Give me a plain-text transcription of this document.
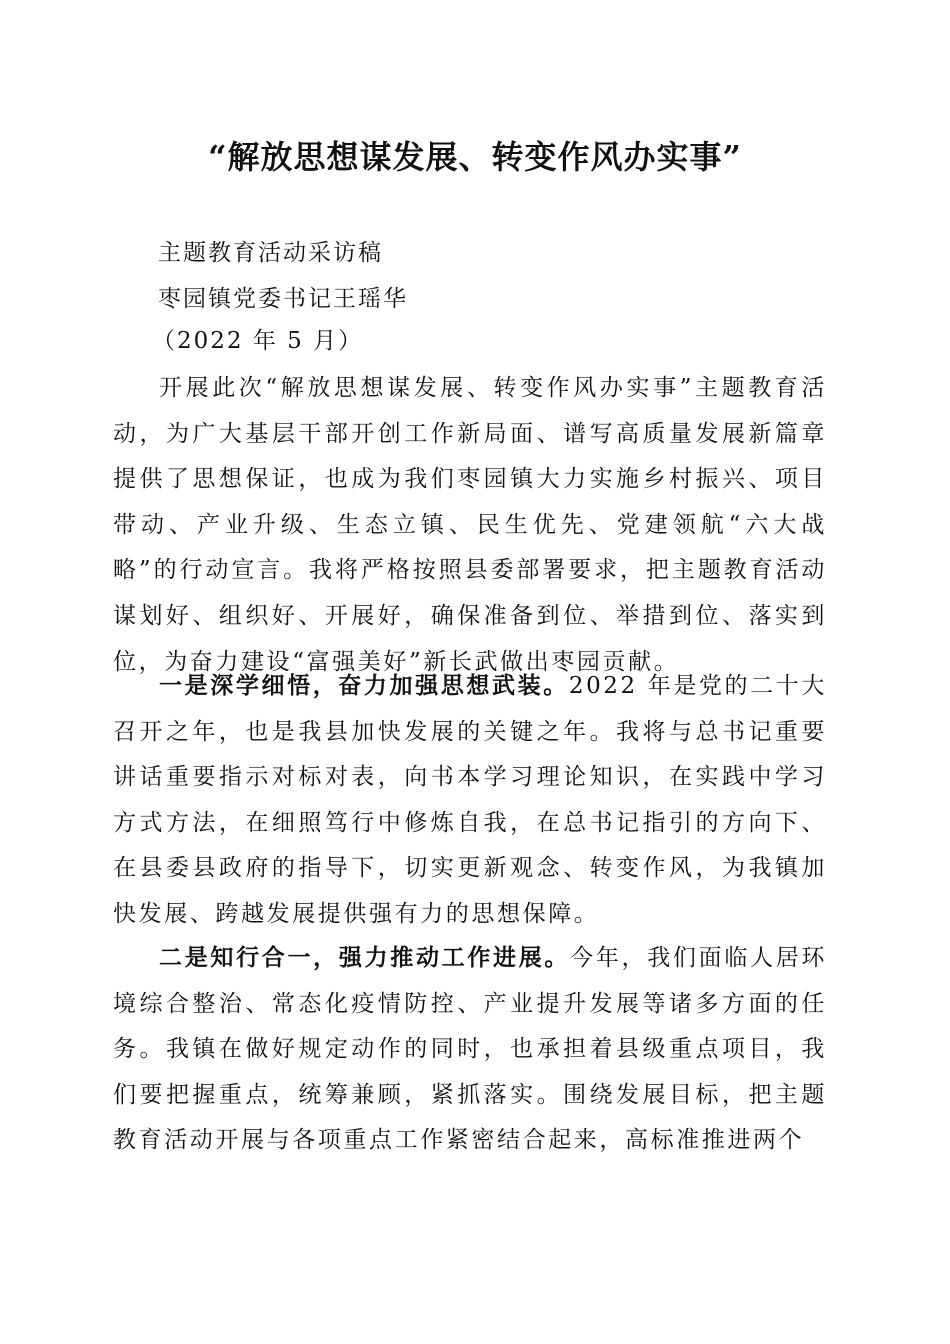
“解放思想谋发展、转变作风办实事”
主题教育活动采访稿
枣园镇党委书记王瑶华
（2022 年 5 月）
开展此次“解放思想谋发展、转变作风办实事”主题教育活动，为广大基层干部开创工作新局面、谱写高质量发展新篇章提供了思想保证，也成为我们枣园镇大力实施乡村振兴、项目带动、产业升级、生态立镇、民生优先、党建领航“六大战略”的行动宣言。我将严格按照县委部署要求，把主题教育活动谋划好、组织好、开展好，确保准备到位、举措到位、落实到位，为奋力建设“富强美好”新长武做出枣园贡献。
一是深学细悟，奋力加强思想武装。2022 年是党的二十大召开之年，也是我县加快发展的关键之年。我将与总书记重要讲话重要指示对标对表，向书本学习理论知识，在实践中学习方式方法，在细照笃行中修炼自我，在总书记指引的方向下、在县委县政府的指导下，切实更新观念、转变作风，为我镇加快发展、跨越发展提供强有力的思想保障。
二是知行合一，强力推动工作进展。今年，我们面临人居环境综合整治、常态化疫情防控、产业提升发展等诸多方面的任务。我镇在做好规定动作的同时，也承担着县级重点项目，我们要把握重点，统筹兼顾，紧抓落实。围绕发展目标，把主题教育活动开展与各项重点工作紧密结合起来，高标准推进两个
